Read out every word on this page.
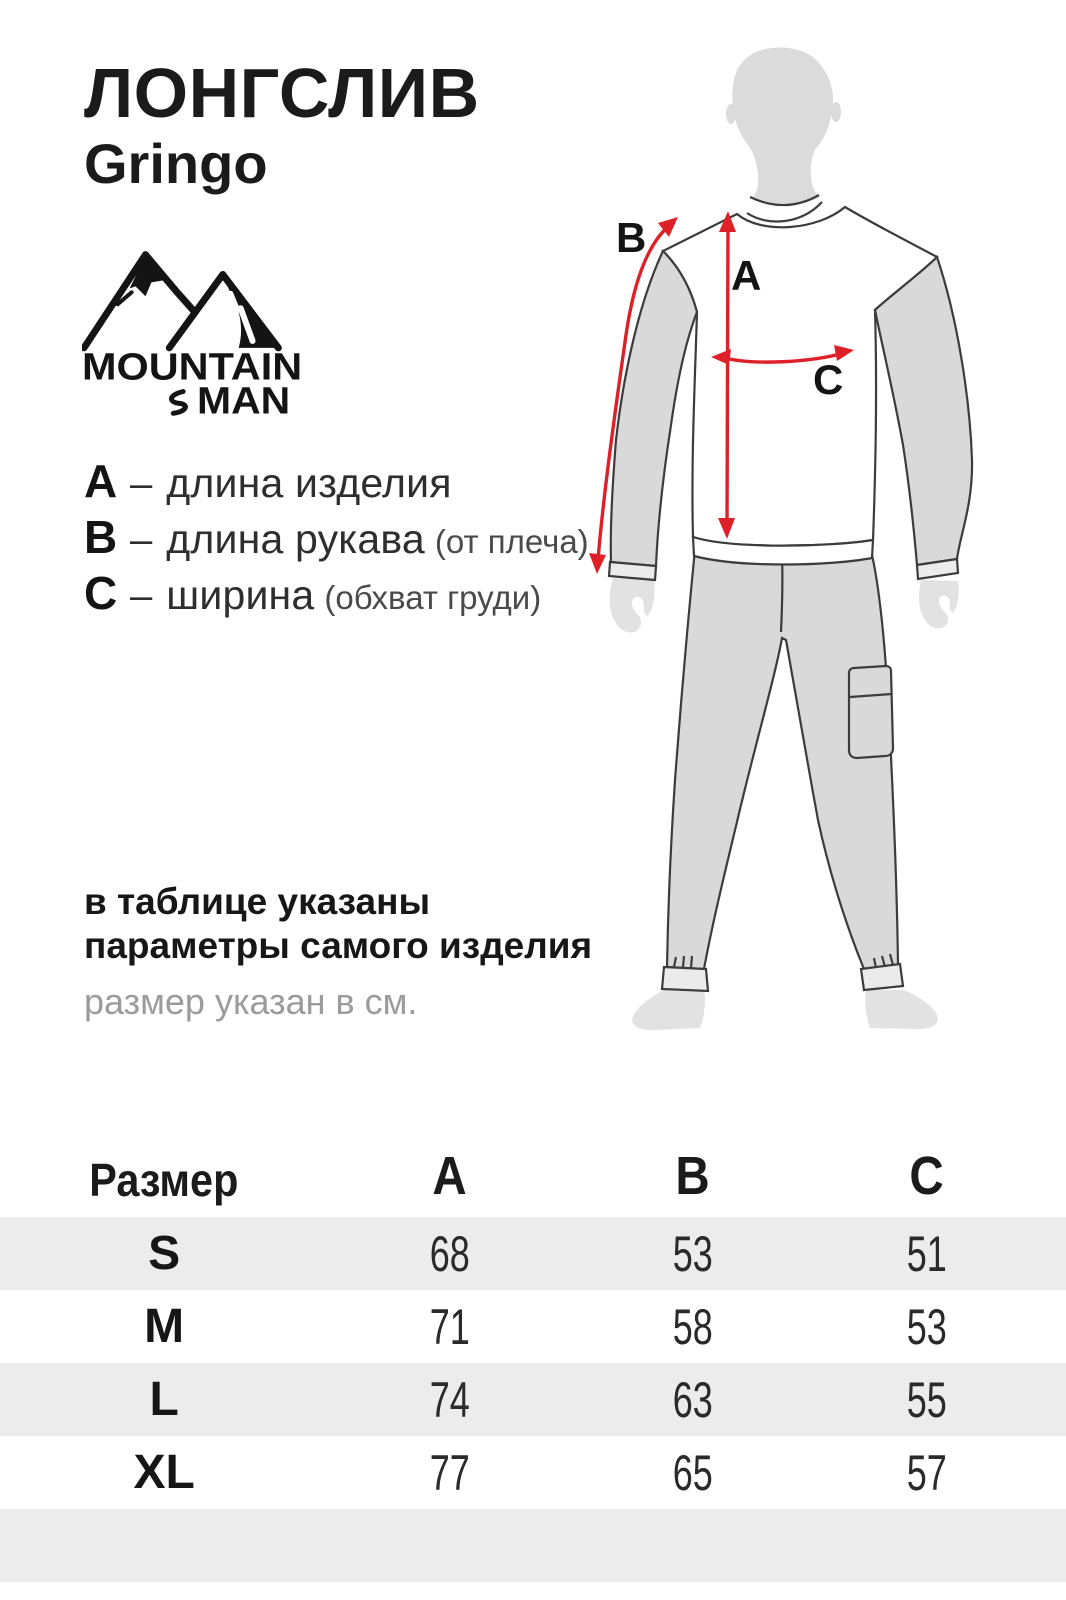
ЛОНГСЛИВ
Gringo
MOUNTAIN
MAN
A – длина изделия
B – длина рукава (от плеча)
C – ширина (обхват груди)
в таблице указаны параметры самого изделия
размер указан в см.
A
B
C
Размер	A	B	C
S	68	53	51
M	71	58	53
L	74	63	55
XL	77	65	57
